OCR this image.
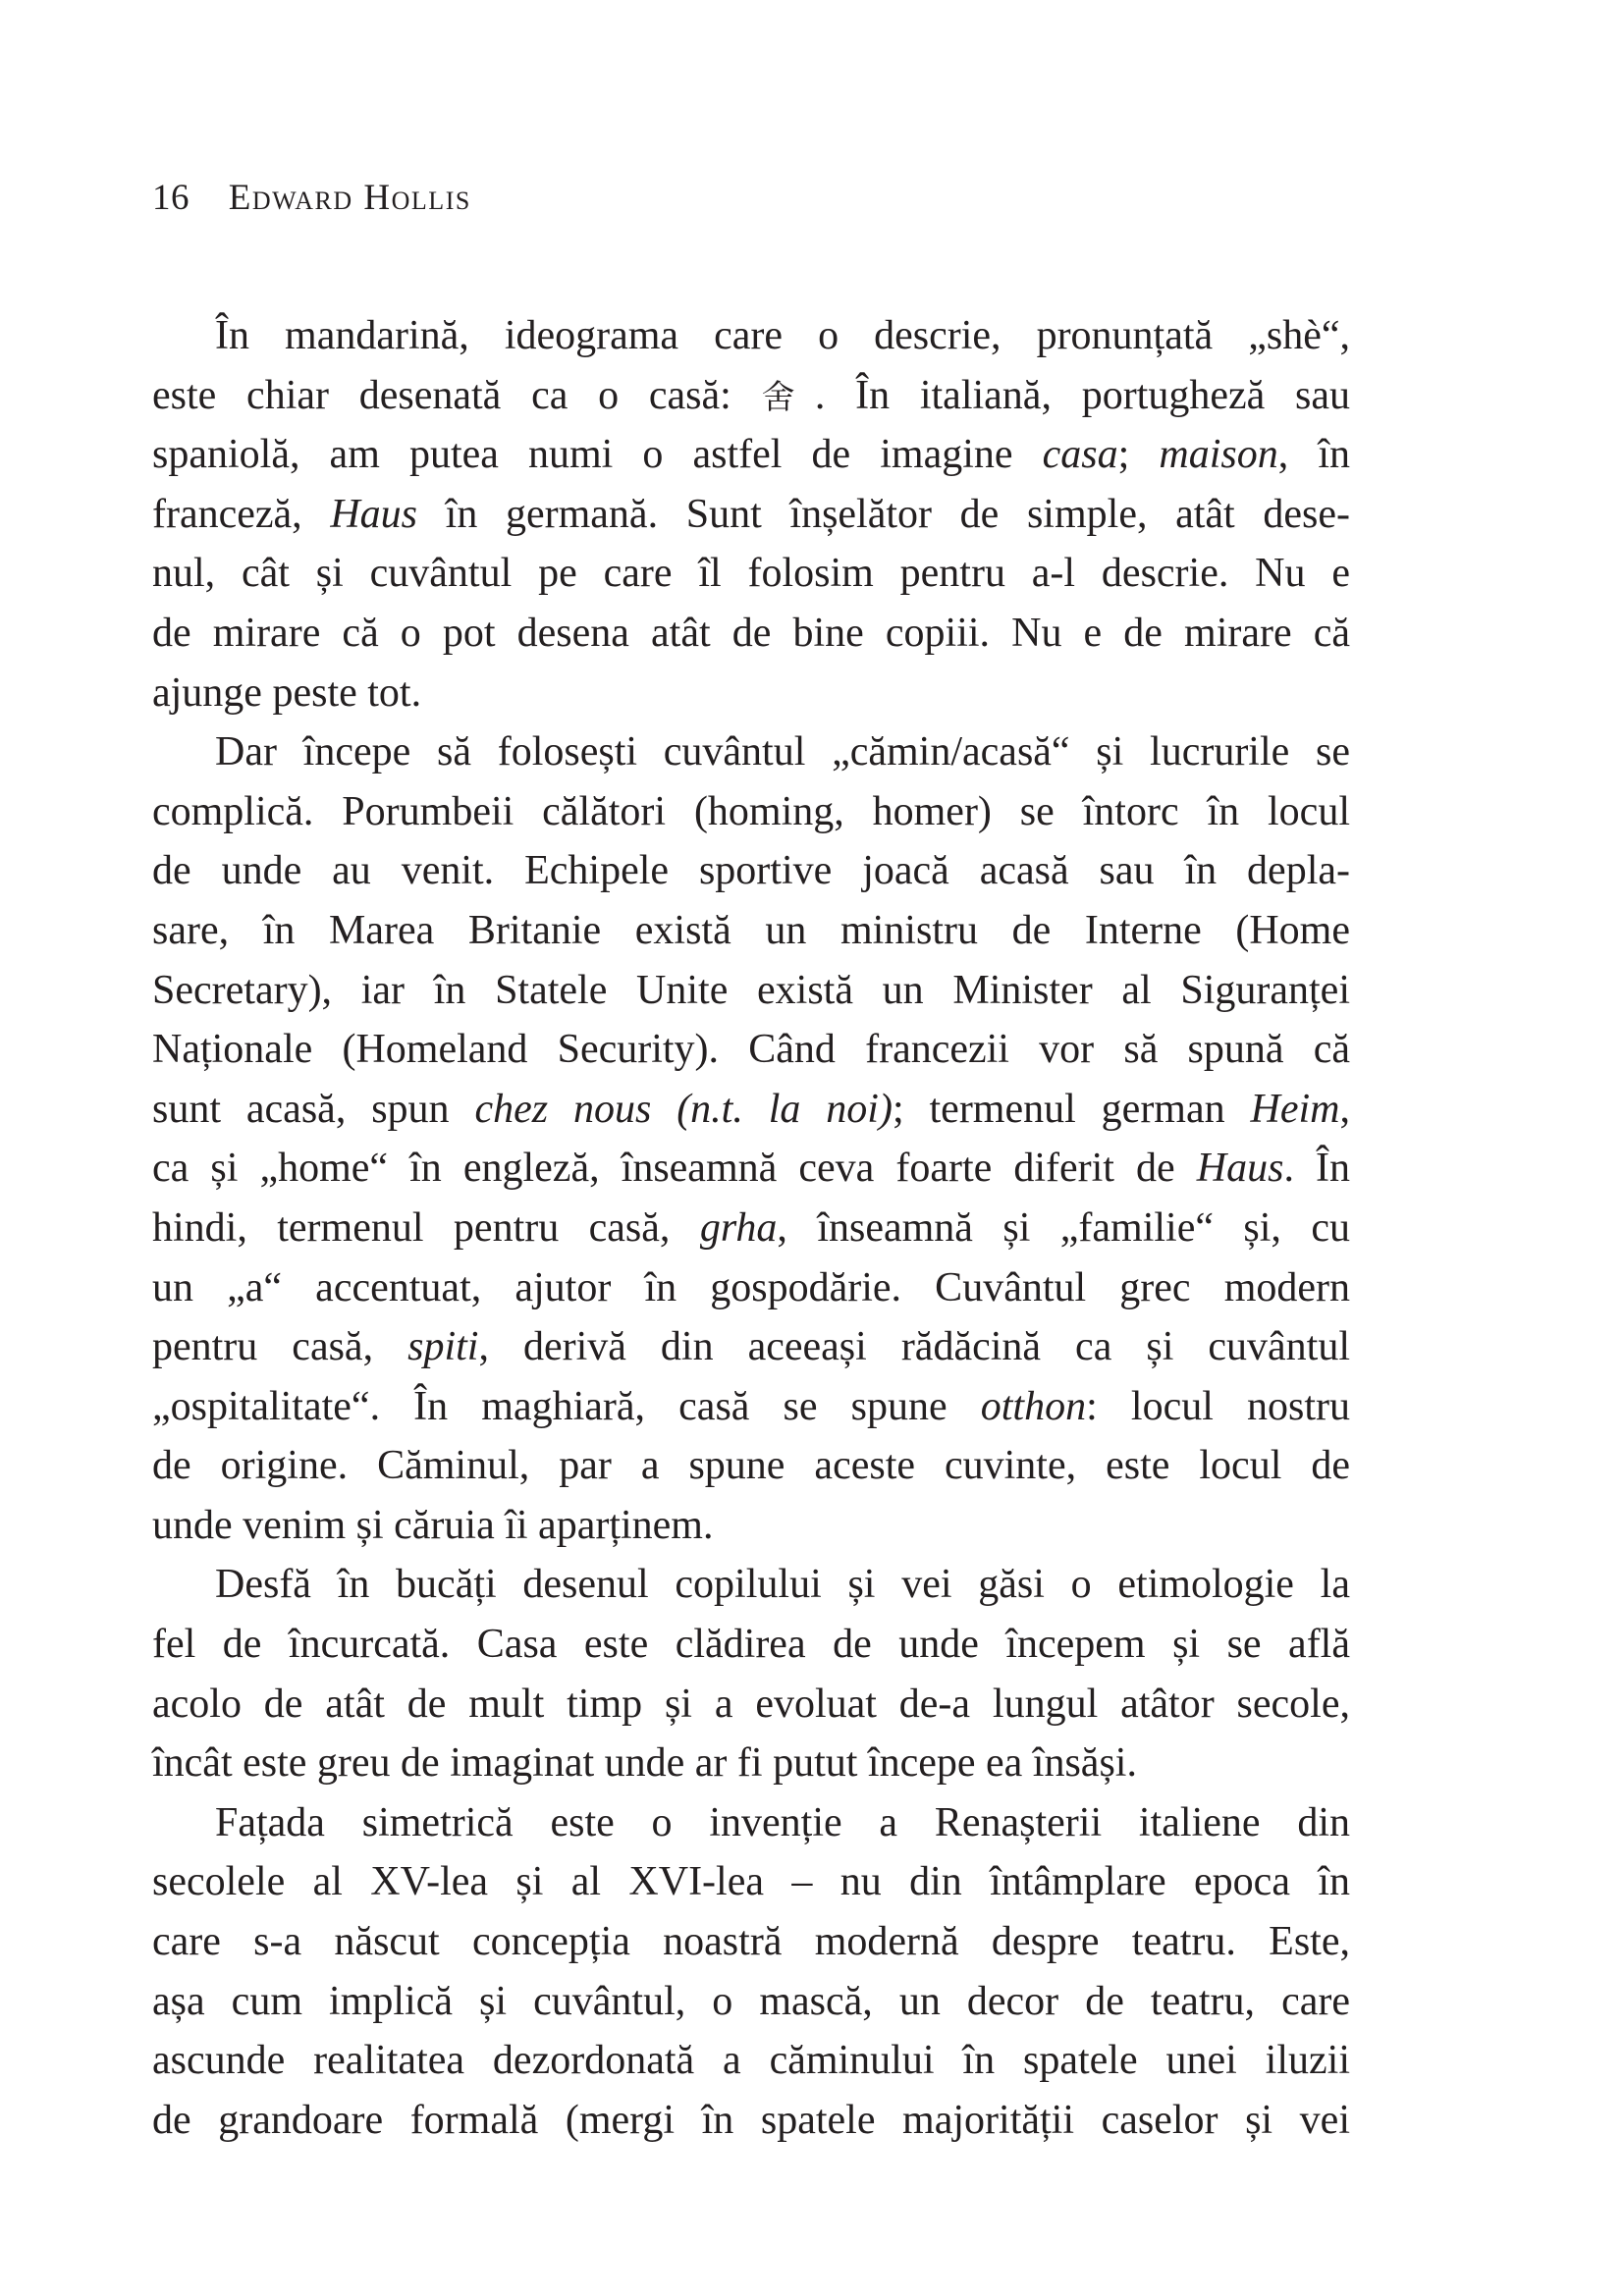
16 Edward Hollis
În mandarină, ideograma care o descrie, pronunțată „shè“,
este chiar desenată ca o casă: 舍. În italiană, portugheză sau
spaniolă, am putea numi o astfel de imagine casa; maison, în
franceză, Haus în germană. Sunt înșelător de simple, atât dese-
nul, cât și cuvântul pe care îl folosim pentru a-l descrie. Nu e
de mirare că o pot desena atât de bine copiii. Nu e de mirare că
ajunge peste tot.
Dar începe să folosești cuvântul „cămin/acasă“ și lucrurile se
complică. Porumbeii călători (homing, homer) se întorc în locul
de unde au venit. Echipele sportive joacă acasă sau în depla-
sare, în Marea Britanie există un ministru de Interne (Home
Secretary), iar în Statele Unite există un Minister al Siguranței
Naționale (Homeland Security). Când francezii vor să spună că
sunt acasă, spun chez nous (n.t. la noi); termenul german Heim,
ca și „home“ în engleză, înseamnă ceva foarte diferit de Haus. În
hindi, termenul pentru casă, grha, înseamnă și „familie“ și, cu
un „a“ accentuat, ajutor în gospodărie. Cuvântul grec modern
pentru casă, spiti, derivă din aceeași rădăcină ca și cuvântul
„ospitalitate“. În maghiară, casă se spune otthon: locul nostru
de origine. Căminul, par a spune aceste cuvinte, este locul de
unde venim și căruia îi aparținem.
Desfă în bucăți desenul copilului și vei găsi o etimologie la
fel de încurcată. Casa este clădirea de unde începem și se află
acolo de atât de mult timp și a evoluat de-a lungul atâtor secole,
încât este greu de imaginat unde ar fi putut începe ea însăși.
Fațada simetrică este o invenție a Renașterii italiene din
secolele al XV-lea și al XVI-lea – nu din întâmplare epoca în
care s-a născut concepția noastră modernă despre teatru. Este,
așa cum implică și cuvântul, o mască, un decor de teatru, care
ascunde realitatea dezordonată a căminului în spatele unei iluzii
de grandoare formală (mergi în spatele majorității caselor și vei
